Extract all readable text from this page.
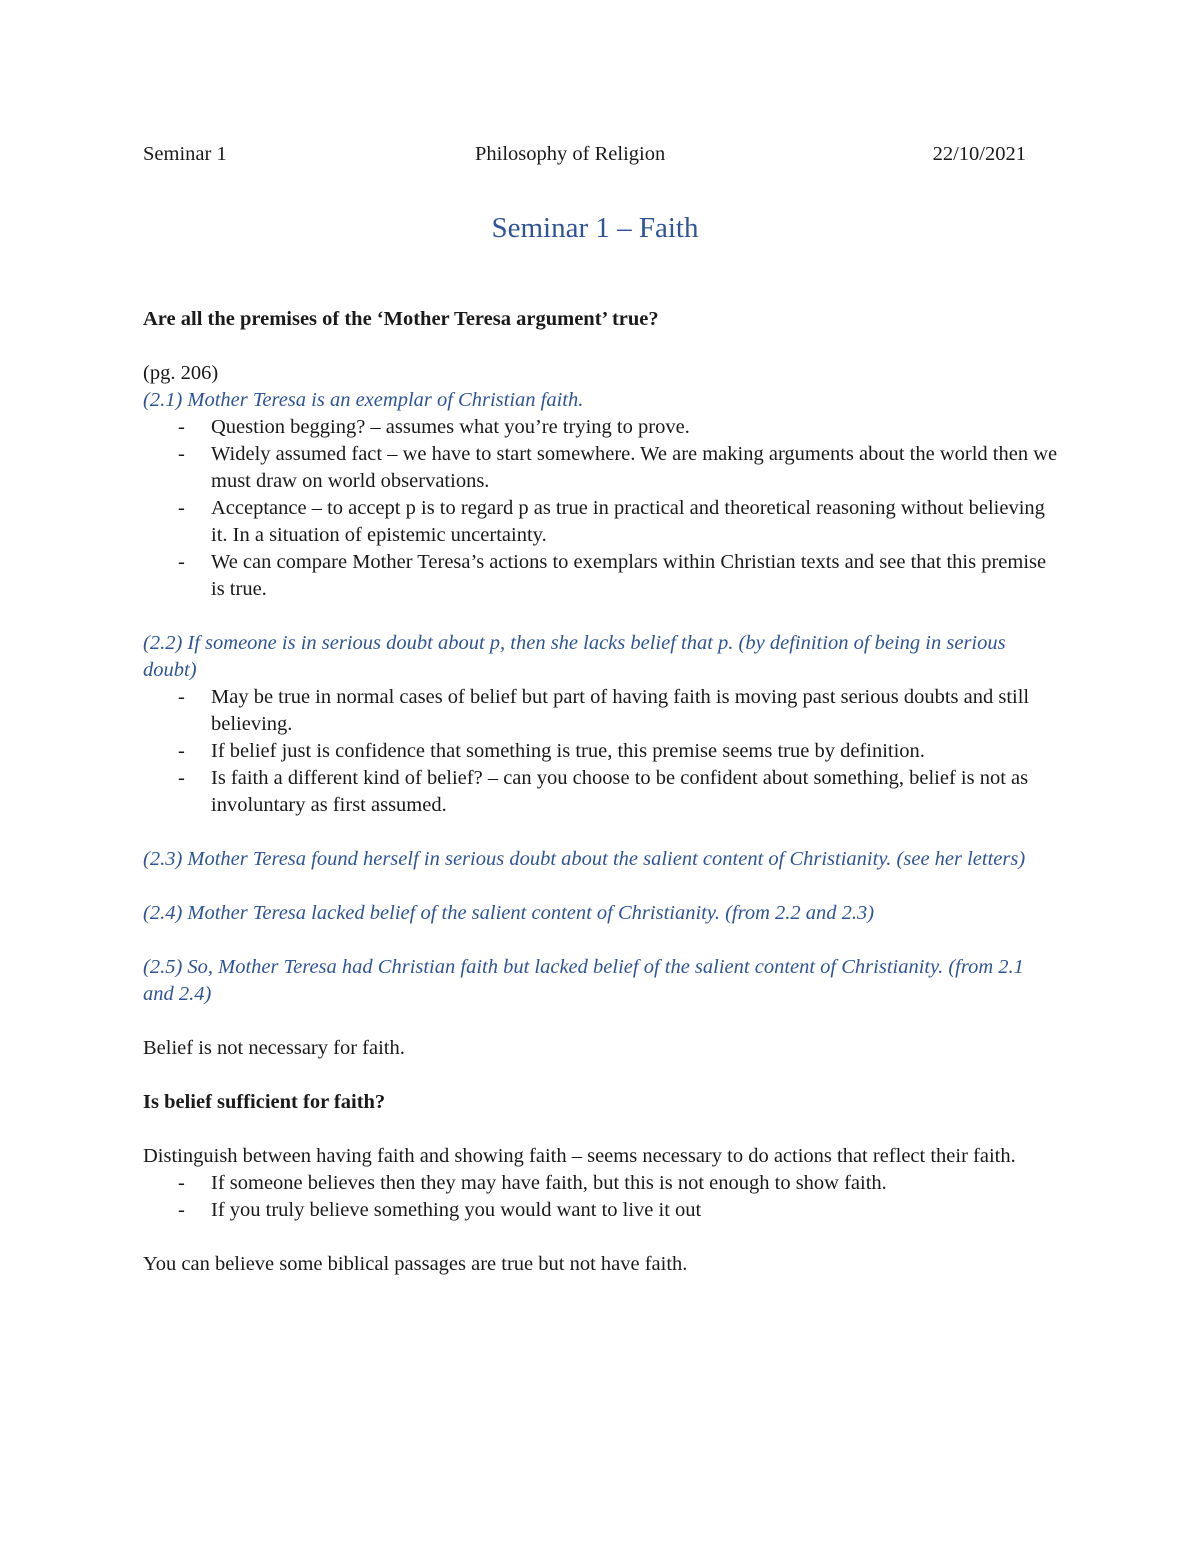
Seminar 1	Philosophy of Religion	22/10/2021
Seminar 1 – Faith

Are all the premises of the ‘Mother Teresa argument’ true?

(pg. 206)

(2.1) Mother Teresa is an exemplar of Christian faith.

- Question begging? – assumes what you’re trying to prove.
- Widely assumed fact – we have to start somewhere. We are making arguments about the world then we must draw on world observations.
- Acceptance – to accept p is to regard p as true in practical and theoretical reasoning without believing it. In a situation of epistemic uncertainty.
- We can compare Mother Teresa’s actions to exemplars within Christian texts and see that this premise is true.

(2.2) If someone is in serious doubt about p, then she lacks belief that p. (by definition of being in serious doubt)

- May be true in normal cases of belief but part of having faith is moving past serious doubts and still believing.
- If belief just is confidence that something is true, this premise seems true by definition.
- Is faith a different kind of belief? – can you choose to be confident about something, belief is not as involuntary as first assumed.

(2.3) Mother Teresa found herself in serious doubt about the salient content of Christianity. (see her letters)

(2.4) Mother Teresa lacked belief of the salient content of Christianity. (from 2.2 and 2.3)

(2.5) So, Mother Teresa had Christian faith but lacked belief of the salient content of Christianity. (from 2.1 and 2.4)

Belief is not necessary for faith.

Is belief sufficient for faith?

Distinguish between having faith and showing faith – seems necessary to do actions that reflect their faith.

- If someone believes then they may have faith, but this is not enough to show faith.
- If you truly believe something you would want to live it out

You can believe some biblical passages are true but not have faith.
